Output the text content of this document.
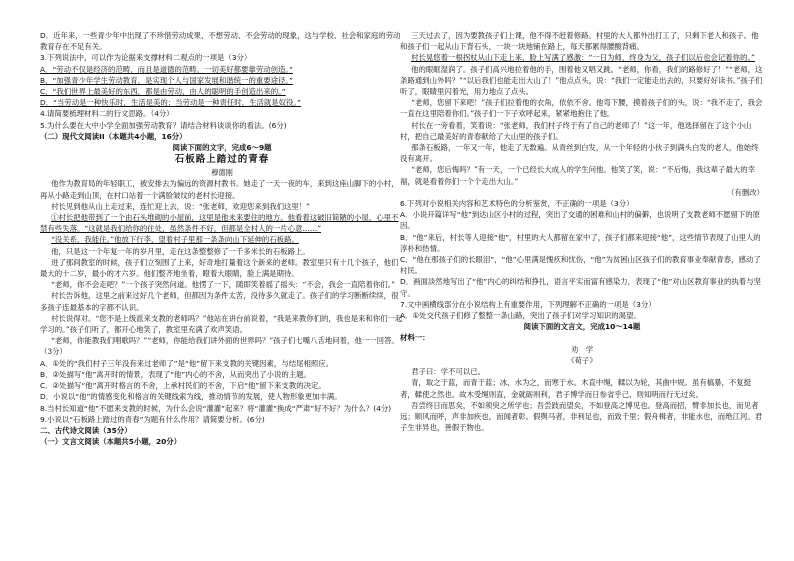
D．近年来，一些青少年中出现了不珍惜劳动成果、不想劳动、不会劳动的现象，这与学校、社会和家庭的劳动教育存在不足有关。

3.下列说法中，可以作为论据来支撑材料二观点的一项是（3分）

A．“劳动不仅是经济的范畴，而且是道德的范畴，一切美好都要靠劳动创造。”

B．“加强青少年学生劳动教育，是实现个人与国家发展和谐统一的重要途径。”

C．“我们世界上最美好的东西，都是由劳动、由人的聪明的手创造出来的。”

D．“当劳动是一种快乐时，生活是美的；当劳动是一种责任时，生活就是奴役。”

4.请简要梳理材料二的行文思路。（4分）

5.为什么要在大中小学全面加强劳动教育？请结合材料谈谈你的看法。(6分)

（二）现代文阅读II（本题共4小题，16分）

阅读下面的文字，完成6～9题

石板路上踏过的青春

穆德刚

他作为教育局的年轻职工，被安排去为偏远的资源村教书。她走了一天一夜的车，来到这座山脚下的小村，再从小路走到山顶，在村口站着一个满脸皱纹的老村长迎接。

村长见到他从山上走过来，连忙迎上去，说：“张老师，欢迎您来到我们这里！”

①村长把他带到了一个由石头堆砌的小屋前，这里是他未来要住的地方。他看着这破旧简陋的小屋，心里不禁有些失落。“这就是我们给你的住处，虽然条件不好，但都是全村人的一片心意……”

“没关系，我能住。”他放下行李，望着村子里那一条条向山下延伸的石板路。

他，只是这一个年复一年的岁月里，走在这条整整修了一千多米长的石板路上。

进了那间教室的时候，孩子们立刻围了上来，好奇地打量着这个新来的老师。教室里只有十几个孩子，他们最大的十二岁，最小的才六岁。他们整齐地坐着，瞪着大眼睛，脸上满是期待。

“老师，你不会走吧？”一个孩子突然问道。他愣了一下，随即笑着摇了摇头：“不会，我会一直陪着你们。”

村长告诉他，这里之前来过好几个老师，但都因为条件太苦，没待多久就走了。孩子们的学习断断续续，很多孩子连最基本的字都不认识。

村长说得对。“您不是上级派来支教的老师吗？”他站在讲台前说着，“我是来教你们的，我也是来和你们一起学习的。”孩子们听了，都开心地笑了，教室里充满了欢声笑语。

“老师，你能教我们唱歌吗？”“老师，你能给我们讲外面的世界吗？”孩子们七嘴八舌地问着，他一一回答。（3分）

A．①处的“我们村子三年没有来过老师了”是“他”留下来支教的关键因素，与结尾相照应。

B．②处描写“他”离开时的情景，表现了“他”内心的不舍，从而突出了小说的主题。

C．②处描写“他”离开时格言的不舍，上承村民们的不舍，下启“他”留下来支教的决定。

D．小说以“他”的情感变化和格言的关键线索为线，推动情节的发展，使人物形象更加丰满。

8.当村长知道“他”不愿来支教的时候，为什么会说“灌灌”起来？将“灌灌”换成“严肃”好不好？为什么？(4分)

9.小说以“石板路上踏过的青春”为题有什么作用？请简要分析。(6分)

二、古代诗文阅读（35分）

（一）文言文阅读（本题共5小题，20分）

三天过去了，因为要教孩子们上课，他不得不赶着修路。村里的大人都外出打工了，只剩下老人和孩子。他和孩子们一起从山下背石头，一块一块地铺在路上，每天都累得腰酸背痛。

村长晃悠着一根拐杖从山下走上来，脸上写满了感激：“一日为师，终身为父，孩子们以后也会记着你的。”

他的眼眶湿润了。孩子们高兴地拉着他的手，围着他又唱又跳。“老师，你看，我们的路修好了！”“老师，这条路通到山外吗？”“以后我们也能走出大山了！”他点点头，说：“我们一定能走出去的，只要好好读书。”孩子们听了，眼睛里闪着光，用力地点了点头。

“老师，您留下来吧！”孩子们拉着他的衣角，依依不舍。他弯下腰，摸着孩子们的头，说：“我不走了，我会一直在这里陪着你们。”孩子们一下子欢呼起来，紧紧地抱住了他。

村长在一旁看着，笑着说：“张老师，我们村子终于有了自己的老师了！”这一年，他选择留在了这个小山村，把自己最美好的青春献给了大山里的孩子们。

那条石板路，一年又一年，他走了无数遍。从青丝到白发，从一个年轻的小伙子到满头白发的老人，他始终没有离开。

“老师，您后悔吗？”有一天，一个已经长大成人的学生问他。他笑了笑，说：“不后悔，我这辈子最大的幸福，就是看着你们一个个走出大山。”

（有删改）

6.下列对小说相关内容和艺术特色的分析鉴赏，不正确的一项是（3分）

A．小说开篇详写“他”到达山区小村的过程，突出了交通的困难和山村的偏僻，也说明了支教老师不愿留下的原因。

B．“他”来后，村长等人迎接“他”，村里的大人都留在家中了，孩子们都来迎接“他”，这些情节表现了山里人的淳朴和热情。

C．“他在那孩子们的长眼泪”，“他”心里满是愧疚和忧伤，“他”为贫困山区孩子们的教育事业奉献青春，感动了村民。

D．画面淡然地写出了“他”内心的纠结和挣扎，语言平实而富有感染力，表现了“他”对山区教育事业的执着与坚守。

7.文中画横线部分在小说结构上有重要作用，下列理解不正确的一项是（3分）

A．①处交代孩子们修了整整一条山路，突出了孩子们对学习知识的渴望。

阅读下面的文言文，完成10～14题

材料一：

劝　学

《荀子》

君子曰：学不可以已。

青，取之于蓝，而青于蓝；冰，水为之，而寒于水。木直中绳，輮以为轮，其曲中规。虽有槁暴，不复挺者，輮使之然也。故木受绳则直，金就砺则利，君子博学而日参省乎己，则知明而行无过矣。

吾尝终日而思矣，不如须臾之所学也；吾尝跂而望矣，不如登高之博见也。登高而招，臂非加长也，而见者远；顺风而呼，声非加疾也，而闻者彰。假舆马者，非利足也，而致千里；假舟楫者，非能水也，而绝江河。君子生非异也，善假于物也。
